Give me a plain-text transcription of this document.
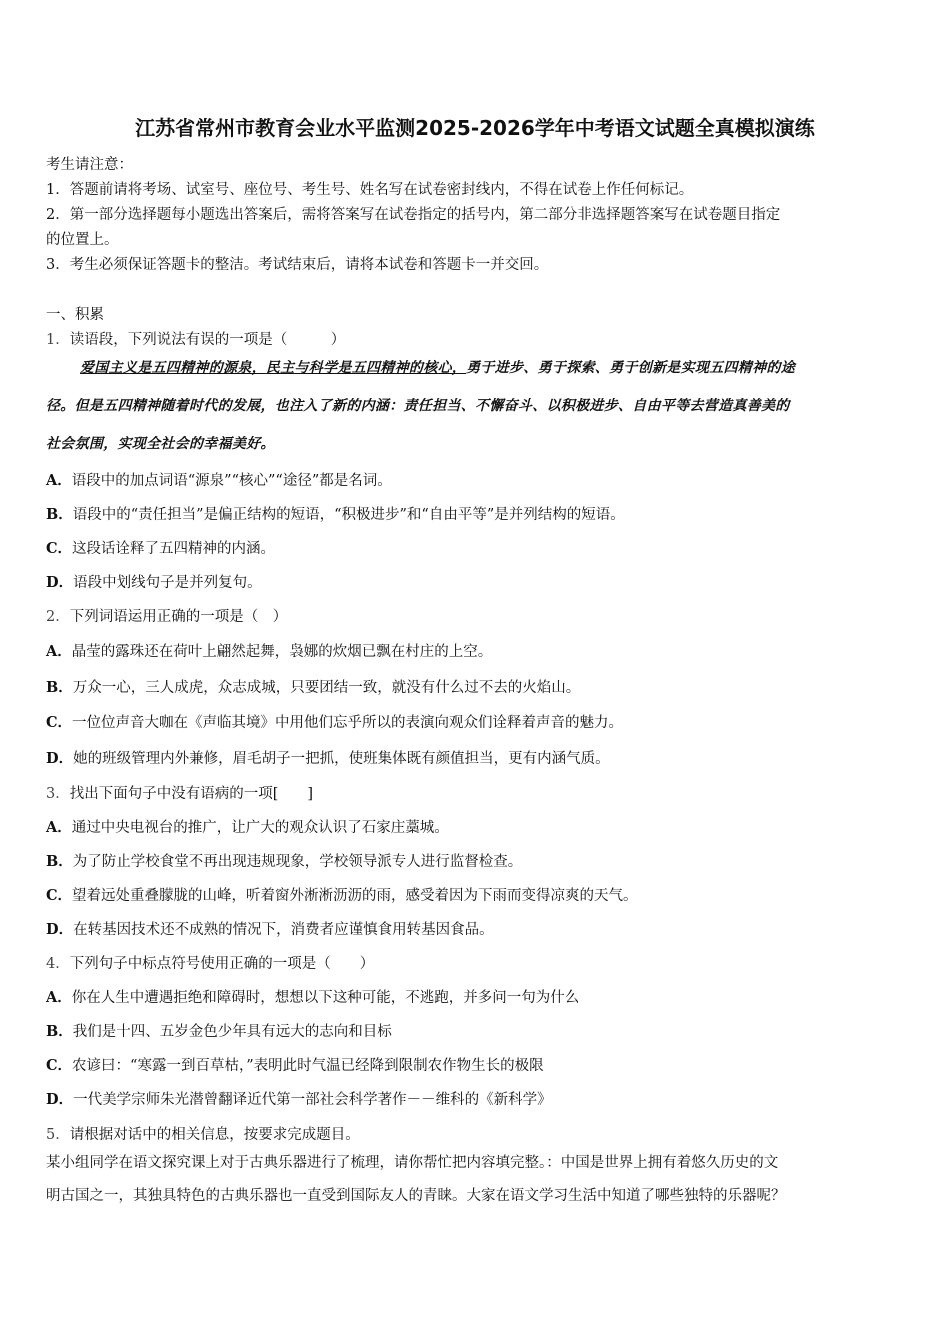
江苏省常州市教育会业水平监测2025-2026学年中考语文试题全真模拟演练
考生请注意：
1．答题前请将考场、试室号、座位号、考生号、姓名写在试卷密封线内，不得在试卷上作任何标记。
2．第一部分选择题每小题选出答案后，需将答案写在试卷指定的括号内，第二部分非选择题答案写在试卷题目指定
的位置上。
3．考生必须保证答题卡的整洁。考试结束后，请将本试卷和答题卡一并交回。
一、积累
1．读语段，下列说法有误的一项是（　　　）
爱国主义是五四精神的源泉，民主与科学是五四精神的核心，勇于进步、勇于探索、勇于创新是实现五四精神的途
径。但是五四精神随着时代的发展，也注入了新的内涵：责任担当、不懈奋斗、以积极进步、自由平等去营造真善美的
社会氛围，实现全社会的幸福美好。
A．语段中的加点词语“源泉”“核心”“途径”都是名词。
B．语段中的“责任担当”是偏正结构的短语，“积极进步”和“自由平等”是并列结构的短语。
C．这段话诠释了五四精神的内涵。
D．语段中划线句子是并列复句。
2．下列词语运用正确的一项是（　）
A．晶莹的露珠还在荷叶上翩然起舞，袅娜的炊烟已飘在村庄的上空。
B．万众一心，三人成虎，众志成城，只要团结一致，就没有什么过不去的火焰山。
C．一位位声音大咖在《声临其境》中用他们忘乎所以的表演向观众们诠释着声音的魅力。
D．她的班级管理内外兼修，眉毛胡子一把抓，使班集体既有颜值担当，更有内涵气质。
3．找出下面句子中没有语病的一项[　　]
A．通过中央电视台的推广，让广大的观众认识了石家庄藁城。
B．为了防止学校食堂不再出现违规现象，学校领导派专人进行监督检查。
C．望着远处重叠朦胧的山峰，听着窗外淅淅沥沥的雨，感受着因为下雨而变得凉爽的天气。
D．在转基因技术还不成熟的情况下，消费者应谨慎食用转基因食品。
4．下列句子中标点符号使用正确的一项是（　　）
A．你在人生中遭遇拒绝和障碍时，想想以下这种可能，不逃跑，并多问一句为什么
B．我们是十四、五岁金色少年具有远大的志向和目标
C．农谚曰：“寒露一到百草枯，”表明此时气温已经降到限制农作物生长的极限
D．一代美学宗师朱光潜曾翻译近代第一部社会科学著作－－维科的《新科学》
5．请根据对话中的相关信息，按要求完成题目。
某小组同学在语文探究课上对于古典乐器进行了梳理，请你帮忙把内容填完整。：中国是世界上拥有着悠久历史的文
明古国之一，其独具特色的古典乐器也一直受到国际友人的青睐。大家在语文学习生活中知道了哪些独特的乐器呢？
